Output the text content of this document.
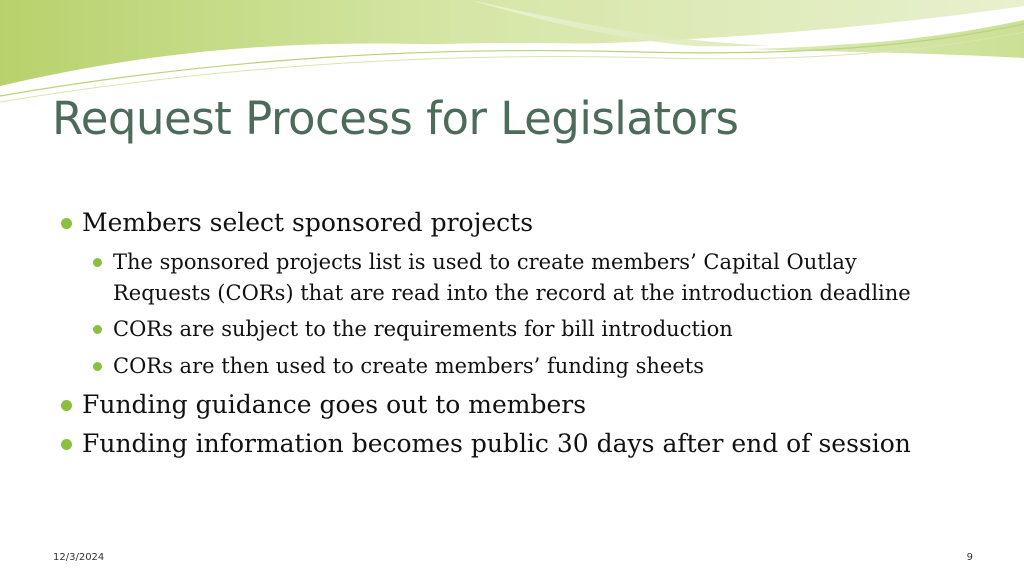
Request Process for Legislators
Members select sponsored projects
The sponsored projects list is used to create members’ Capital Outlay
Requests (CORs) that are read into the record at the introduction deadline
CORs are subject to the requirements for bill introduction
CORs are then used to create members’ funding sheets
Funding guidance goes out to members
Funding information becomes public 30 days after end of session
12/3/2024	9
